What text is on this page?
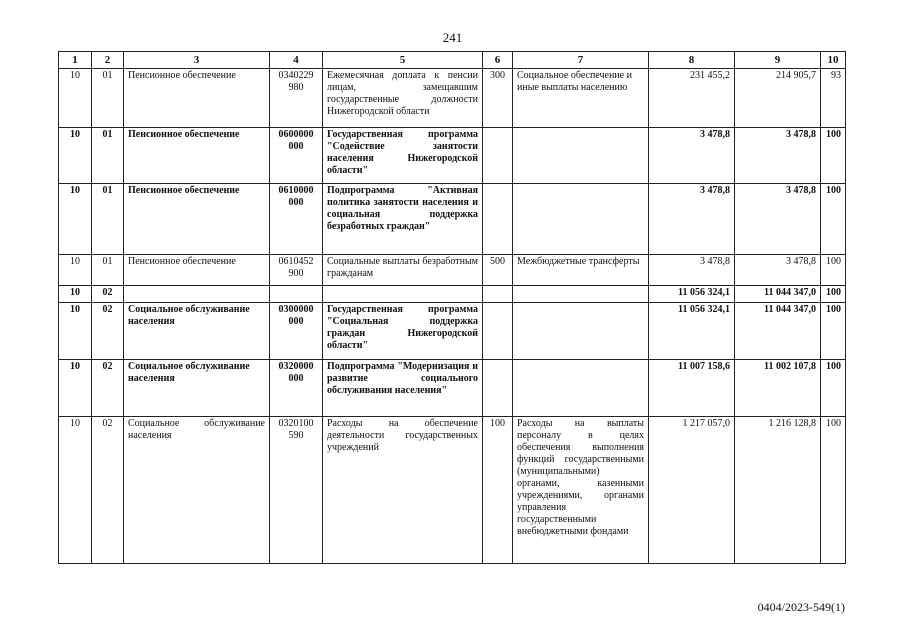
241
1	2	3	4	5	6	7	8	9	10
10	01	Пенсионное обеспечение	0340229 980	Ежемесячная доплата к пенсии лицам, замещавшим государственные должности Нижегородской области	300	Социальное обеспечение и иные выплаты населению	231 455,2	214 905,7	93
10	01	Пенсионное обеспечение	0600000 000	Государственная программа "Содействие занятости населения Нижегородской области"			3 478,8	3 478,8	100
10	01	Пенсионное обеспечение	0610000 000	Подпрограмма "Активная политика занятости населения и социальная поддержка безработных граждан"			3 478,8	3 478,8	100
10	01	Пенсионное обеспечение	0610452 900	Социальные выплаты безработным гражданам	500	Межбюджетные трансферты	3 478,8	3 478,8	100
10	02						11 056 324,1	11 044 347,0	100
10	02	Социальное обслуживание населения	0300000 000	Государственная программа "Социальная поддержка граждан Нижегородской области"			11 056 324,1	11 044 347,0	100
10	02	Социальное обслуживание населения	0320000 000	Подпрограмма "Модернизация и развитие социального обслуживания населения"			11 007 158,6	11 002 107,8	100
10	02	Социальное обслуживание населения	0320100 590	Расходы на обеспечение деятельности государственных учреждений	100	Расходы на выплаты персоналу в целях обеспечения выполнения функций государственными (муниципальными) органами, казенными учреждениями, органами управления государственными внебюджетными фондами	1 217 057,0	1 216 128,8	100
0404/2023-549(1)
